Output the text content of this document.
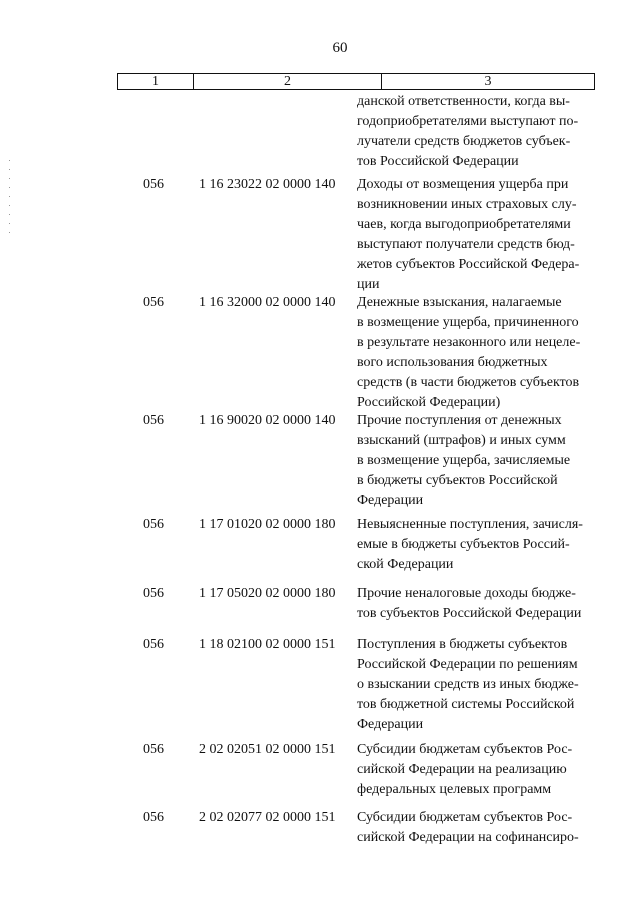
60
1	2	3
данской ответственности, когда вы-
годоприобретателями выступают по-
лучатели средств бюджетов субъек-
тов Российской Федерации
056	1 16 23022 02 0000 140 Доходы от возмещения ущерба при
возникновении иных страховых слу-
чаев, когда выгодоприобретателями
выступают получатели средств бюд-
жетов субъектов Российской Федера-
ции
056	1 16 32000 02 0000 140 Денежные взыскания, налагаемые
в возмещение ущерба, причиненного
в результате незаконного или нецеле-
вого использования бюджетных
средств (в части бюджетов субъектов
Российской Федерации)
056	1 16 90020 02 0000 140 Прочие поступления от денежных
взысканий (штрафов) и иных сумм
в возмещение ущерба, зачисляемые
в бюджеты субъектов Российской
Федерации
056	1 17 01020 02 0000 180 Невыясненные поступления, зачисля-
емые в бюджеты субъектов Россий-
ской Федерации
056	1 17 05020 02 0000 180 Прочие неналоговые доходы бюдже-
тов субъектов Российской Федерации
056	1 18 02100 02 0000 151 Поступления в бюджеты субъектов
Российской Федерации по решениям
о взыскании средств из иных бюдже-
тов бюджетной системы Российской
Федерации
056	2 02 02051 02 0000 151 Субсидии бюджетам субъектов Рос-
сийской Федерации на реализацию
федеральных целевых программ
056	2 02 02077 02 0000 151 Субсидии бюджетам субъектов Рос-
сийской Федерации на софинансиро-
